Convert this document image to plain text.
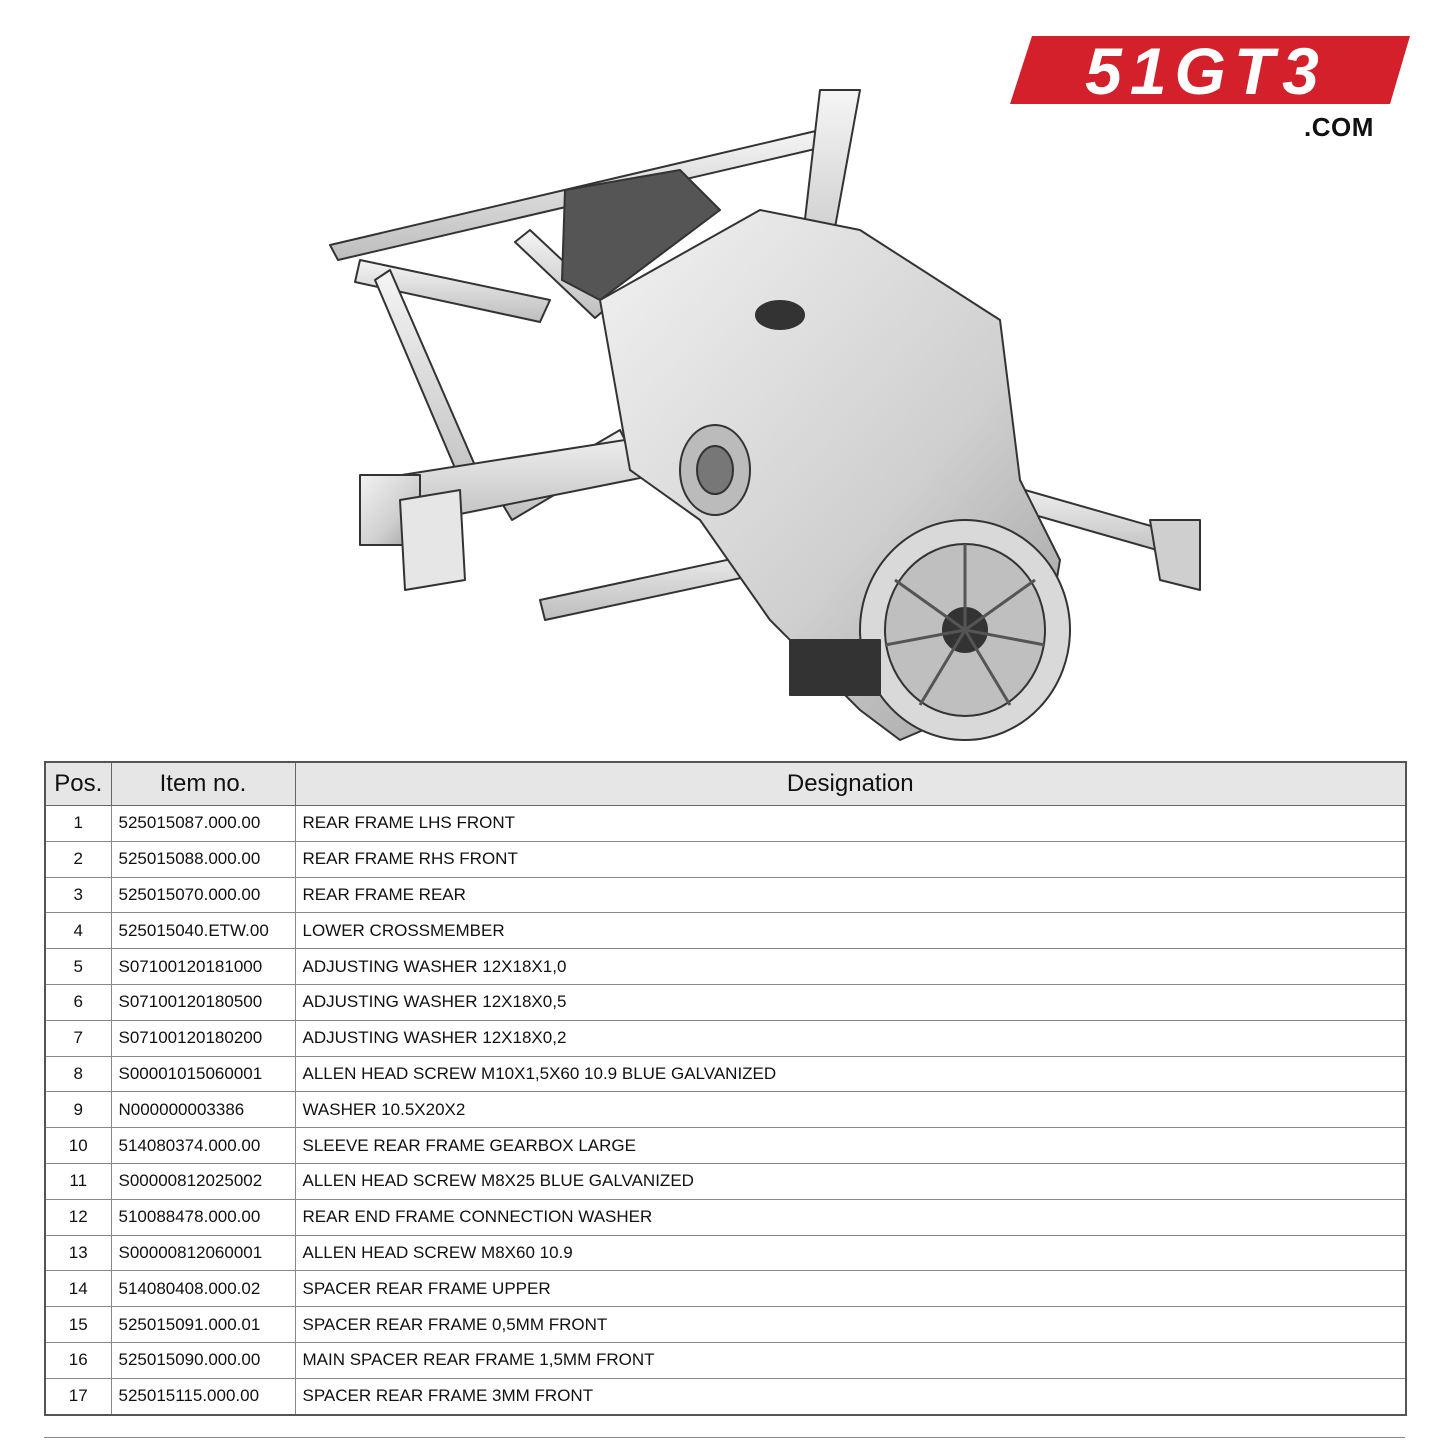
51GT3
.COM
Pos.	Item no.	Designation
1	525015087.000.00	REAR FRAME LHS FRONT
2	525015088.000.00	REAR FRAME RHS FRONT
3	525015070.000.00	REAR FRAME REAR
4	525015040.ETW.00	LOWER CROSSMEMBER
5	S07100120181000	ADJUSTING WASHER 12X18X1,0
6	S07100120180500	ADJUSTING WASHER 12X18X0,5
7	S07100120180200	ADJUSTING WASHER 12X18X0,2
8	S00001015060001	ALLEN HEAD SCREW M10X1,5X60 10.9 BLUE GALVANIZED
9	N000000003386	WASHER 10.5X20X2
10	514080374.000.00	SLEEVE REAR FRAME GEARBOX LARGE
11	S00000812025002	ALLEN HEAD SCREW M8X25 BLUE GALVANIZED
12	510088478.000.00	REAR END FRAME CONNECTION WASHER
13	S00000812060001	ALLEN HEAD SCREW M8X60 10.9
14	514080408.000.02	SPACER REAR FRAME UPPER
15	525015091.000.01	SPACER REAR FRAME 0,5MM FRONT
16	525015090.000.00	MAIN SPACER REAR FRAME 1,5MM FRONT
17	525015115.000.00	SPACER REAR FRAME 3MM FRONT
